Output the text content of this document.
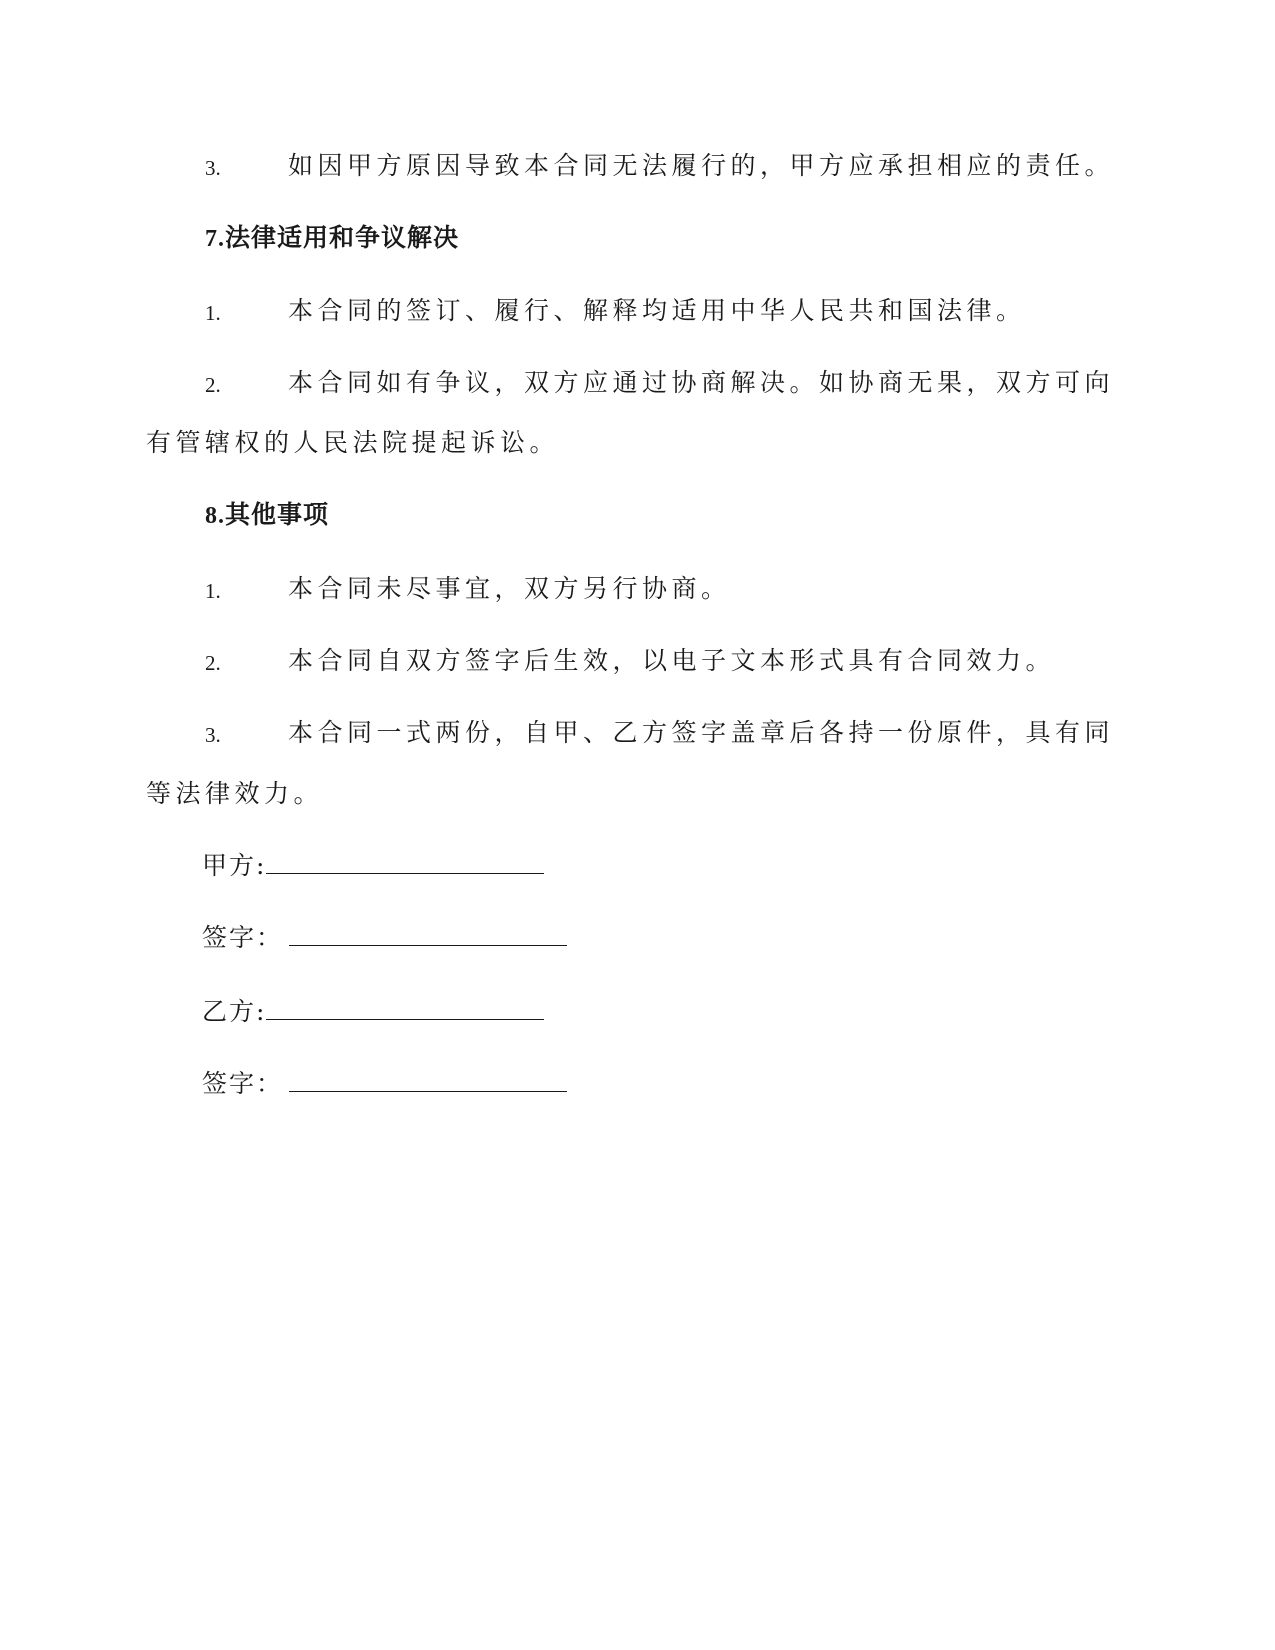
3.	如因甲方原因导致本合同无法履行的，甲方应承担相应的责任。
7.法律适用和争议解决
1.	本合同的签订、履行、解释均适用中华人民共和国法律。
2.	本合同如有争议，双方应通过协商解决。如协商无果，双方可向
有管辖权的人民法院提起诉讼。
8.其他事项
1.	本合同未尽事宜，双方另行协商。
2.	本合同自双方签字后生效，以电子文本形式具有合同效力。
3.	本合同一式两份，自甲、乙方签字盖章后各持一份原件，具有同
等法律效力。
甲方:
签字：
乙方:
签字：
